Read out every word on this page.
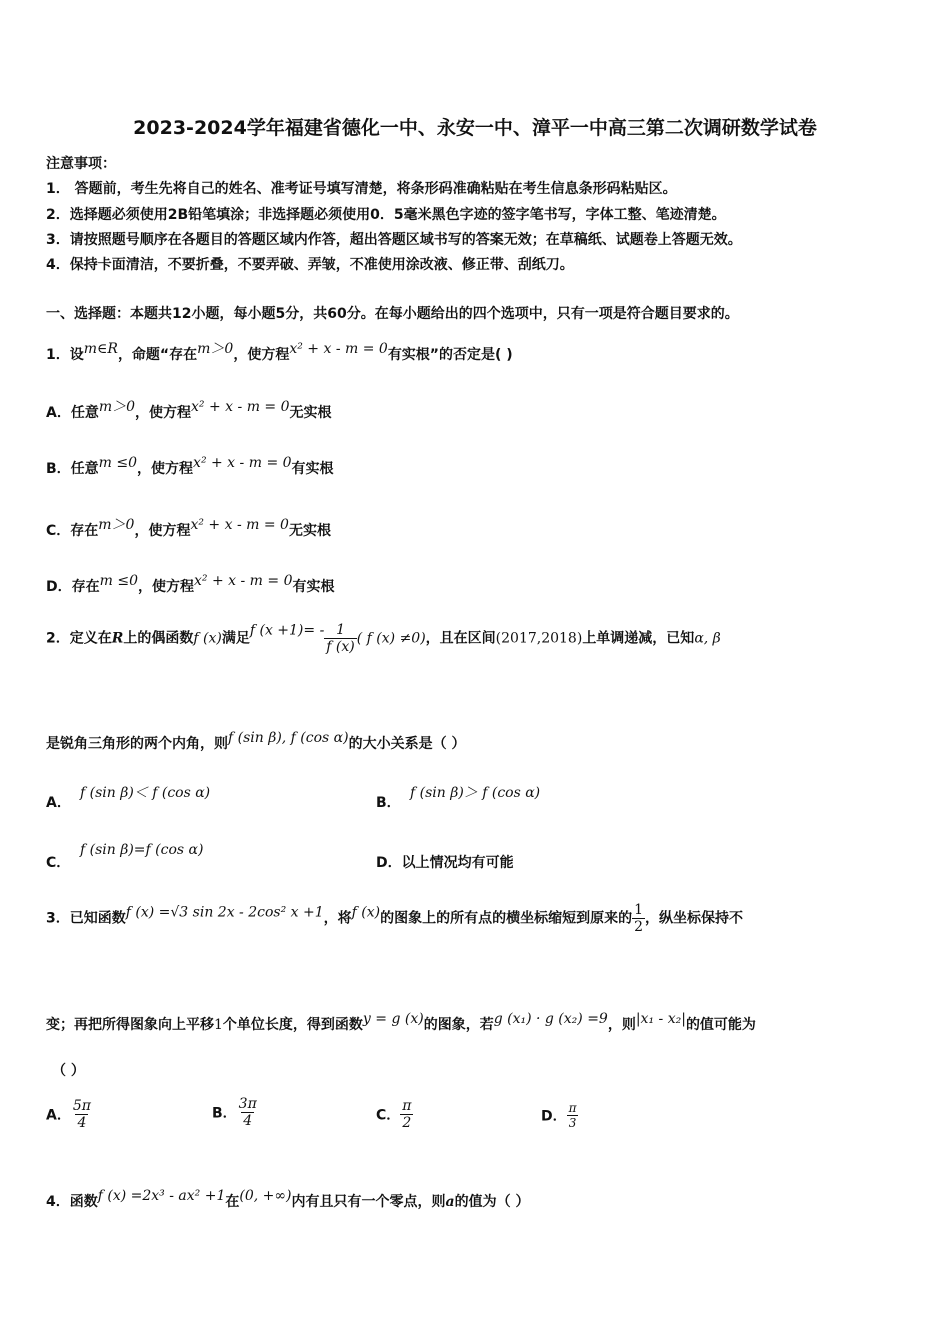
2023-2024学年福建省德化一中、永安一中、漳平一中高三第二次调研数学试卷
注意事项：
1． 答题前，考生先将自己的姓名、准考证号填写清楚，将条形码准确粘贴在考生信息条形码粘贴区。
2．选择题必须使用2B铅笔填涂；非选择题必须使用0．5毫米黑色字迹的签字笔书写，字体工整、笔迹清楚。
3．请按照题号顺序在各题目的答题区域内作答，超出答题区域书写的答案无效；在草稿纸、试题卷上答题无效。
4．保持卡面清洁，不要折叠，不要弄破、弄皱，不准使用涂改液、修正带、刮纸刀。
一、选择题：本题共12小题，每小题5分，共60分。在每小题给出的四个选项中，只有一项是符合题目要求的。
1．设m∈R，命题“存在m＞0，使方程x² + x - m = 0有实根”的否定是( )
A．任意m＞0，使方程x² + x - m = 0无实根
B．任意m ≤0，使方程x² + x - m = 0有实根
C．存在m＞0，使方程x² + x - m = 0无实根
D．存在m ≤0，使方程x² + x - m = 0有实根
2．定义在R上的偶函数f (x)满足f $(x +1)= - \frac{1}{f (x)}$ ( f (x) ≠0)，且在区间(2017,2018)上单调递减，已知α, β
是锐角三角形的两个内角，则f (sin β), f (cos α)的大小关系是（ ）
A．
f (sin β)＜ f (cos α)
B．
f (sin β)＞ f (cos α)
C．
f (sin β)=f (cos α)
D．以上情况均有可能
3．已知函数f (x) =√3 sin 2x - 2cos² x +1，将f (x)的图象上的所有点的横坐标缩短到原来的 $\frac{1}{2}$ ，纵坐标保持不
变；再把所得图象向上平移1个单位长度，得到函数y = g (x)的图象，若g (x₁) · g (x₂) =9，则|x₁ - x₂|的值可能为
（ ）
A． $\frac{5\pi}{4}$	B． $\frac{3\pi}{4}$	C． $\frac{\pi}{2}$	D． $\frac{\pi}{3}$
4．函数f (x) =2x³ - ax² +1在(0, +∞)内有且只有一个零点，则a的值为（ ）
